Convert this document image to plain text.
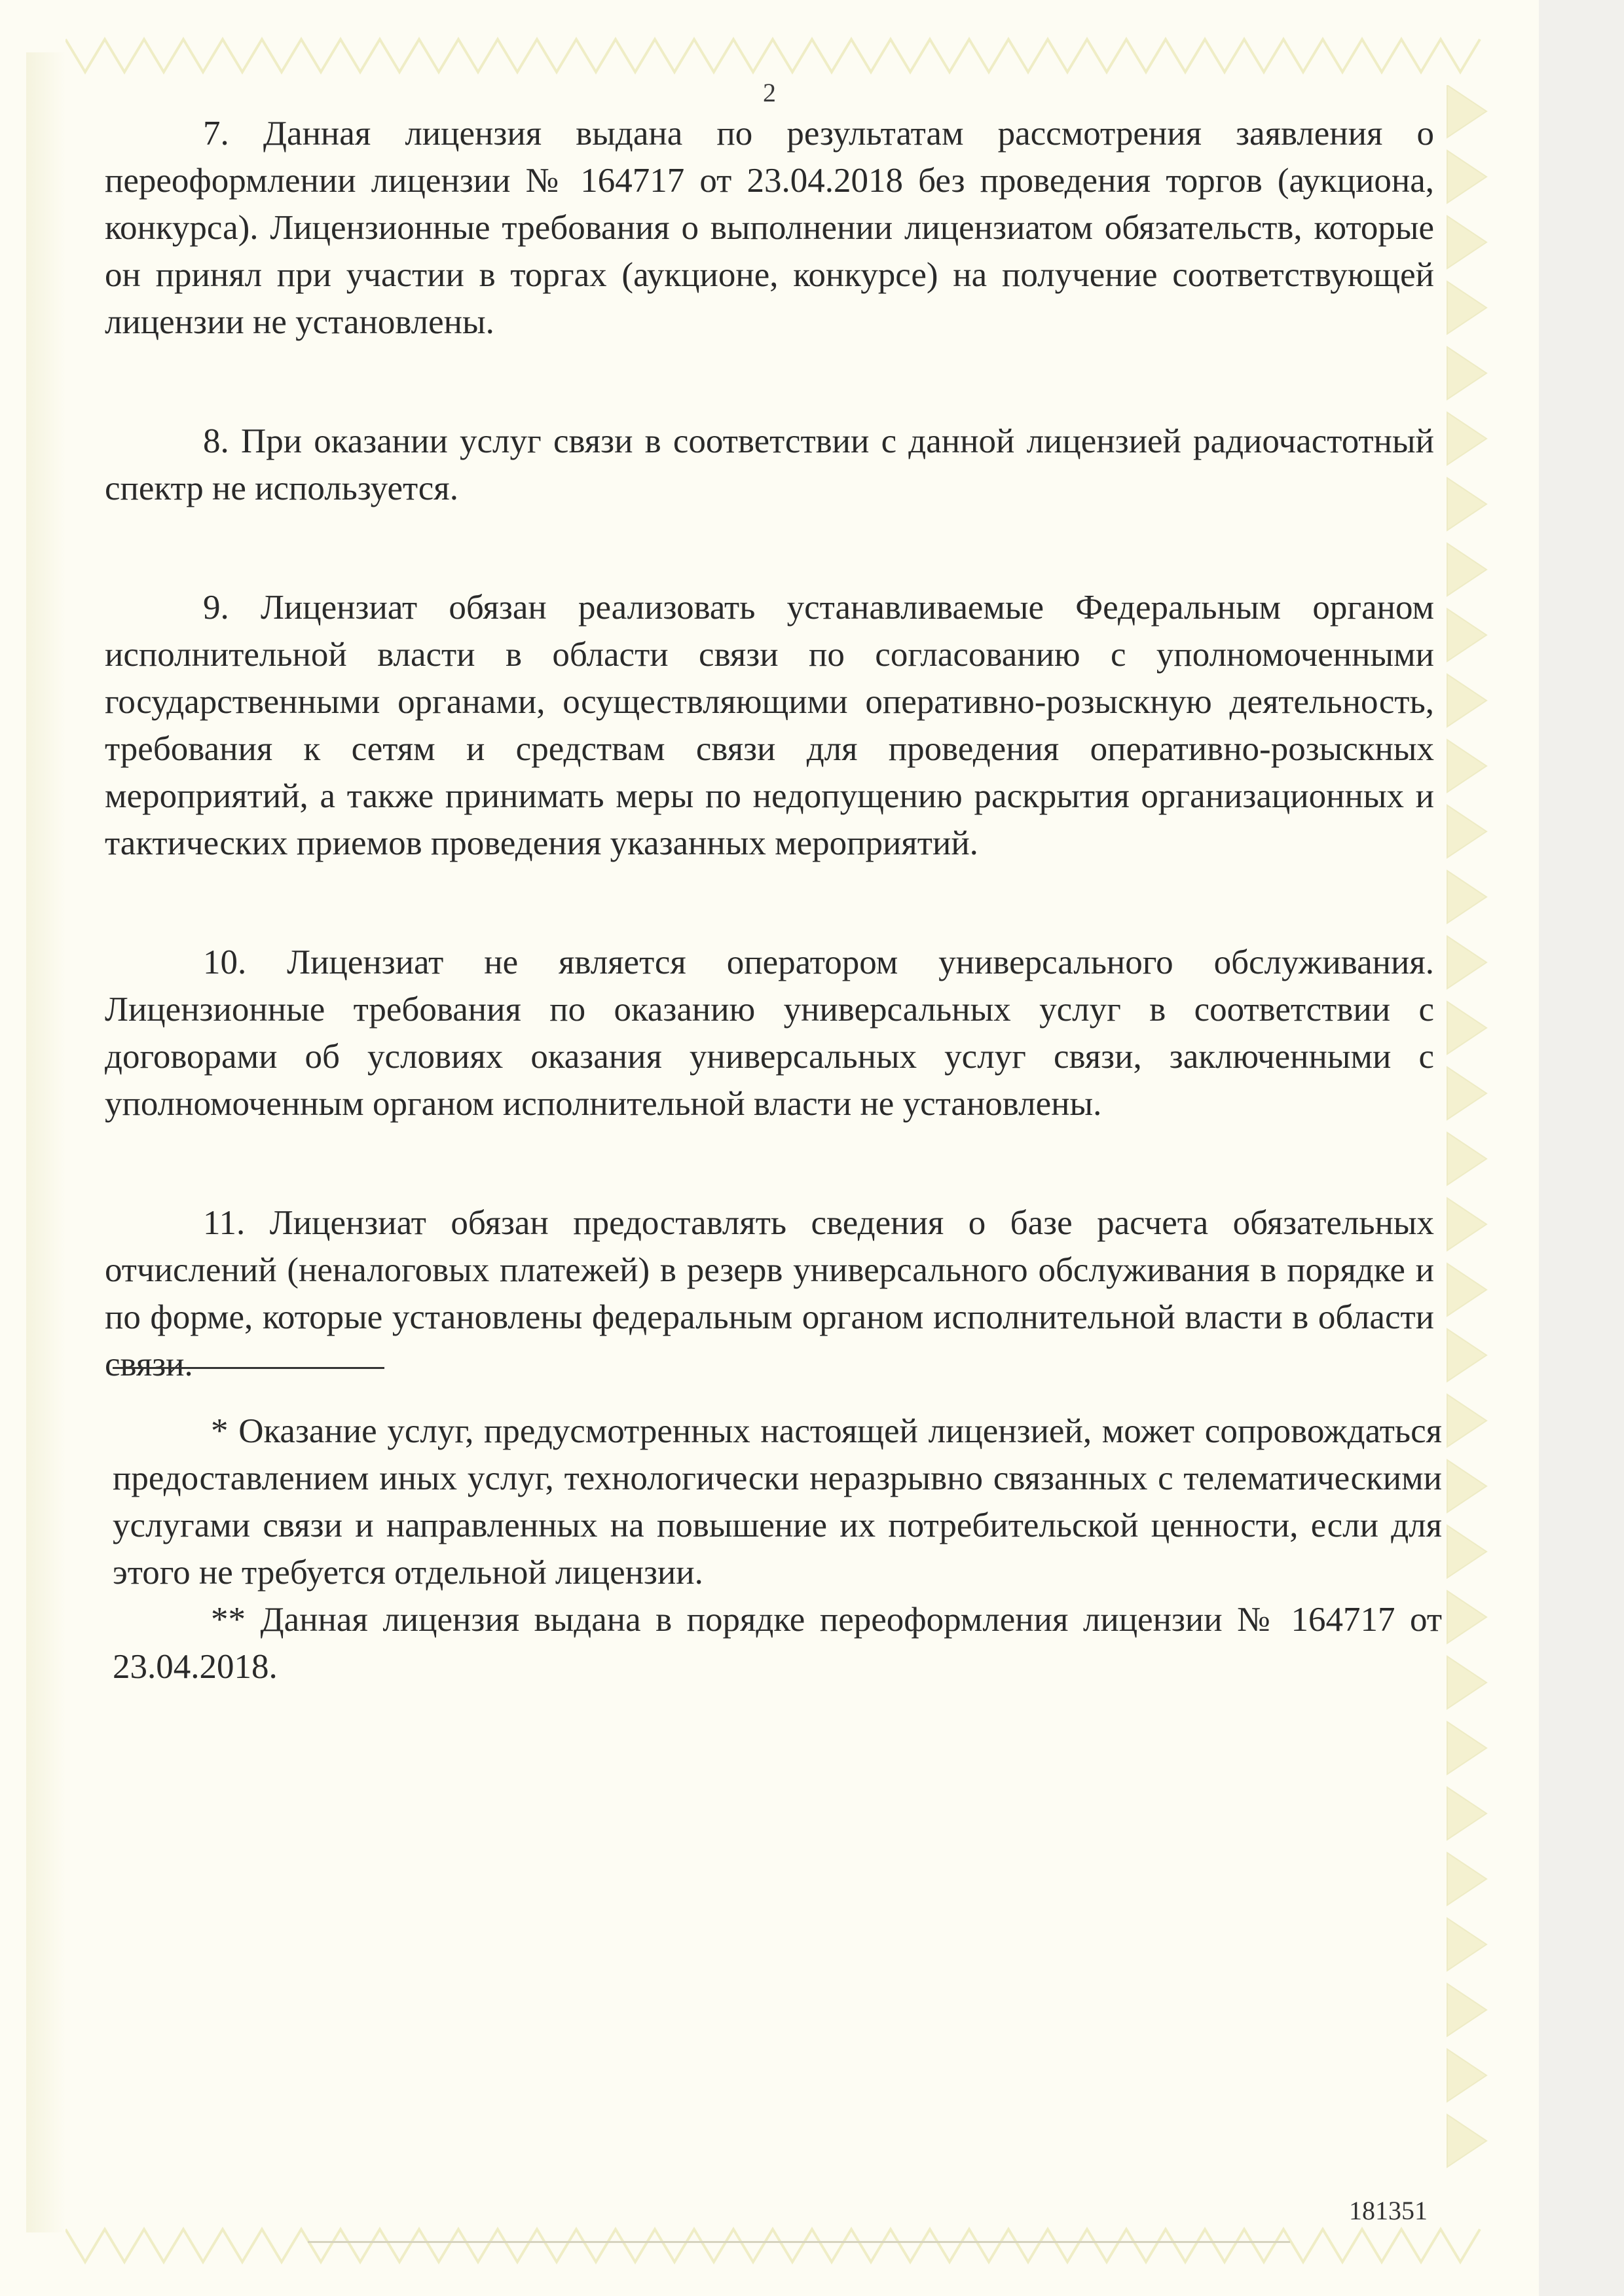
2

7. Данная лицензия выдана по результатам рассмотрения заявления о переоформлении лицензии № 164717 от 23.04.2018 без проведения торгов (аукциона, конкурса). Лицензионные требования о выполнении лицензиатом обязательств, которые он принял при участии в торгах (аукционе, конкурсе) на получение соответствующей лицензии не установлены.

8. При оказании услуг связи в соответствии с данной лицензией радиочастотный спектр не используется.

9. Лицензиат обязан реализовать устанавливаемые Федеральным органом исполнительной власти в области связи по согласованию с уполномоченными государственными органами, осуществляющими оперативно-розыскную деятельность, требования к сетям и средствам связи для проведения оперативно-розыскных мероприятий, а также принимать меры по недопущению раскрытия организационных и тактических приемов проведения указанных мероприятий.

10. Лицензиат не является оператором универсального обслуживания. Лицензионные требования по оказанию универсальных услуг в соответствии с договорами об условиях оказания универсальных услуг связи, заключенными с уполномоченным органом исполнительной власти не установлены.

11. Лицензиат обязан предоставлять сведения о базе расчета обязательных отчислений (неналоговых платежей) в резерв универсального обслуживания в порядке и по форме, которые установлены федеральным органом исполнительной власти в области связи.

* Оказание услуг, предусмотренных настоящей лицензией, может сопровождаться предоставлением иных услуг, технологически неразрывно связанных с телематическими услугами связи и направленных на повышение их потребительской ценности, если для этого не требуется отдельной лицензии.

** Данная лицензия выдана в порядке переоформления лицензии № 164717 от 23.04.2018.

181351
